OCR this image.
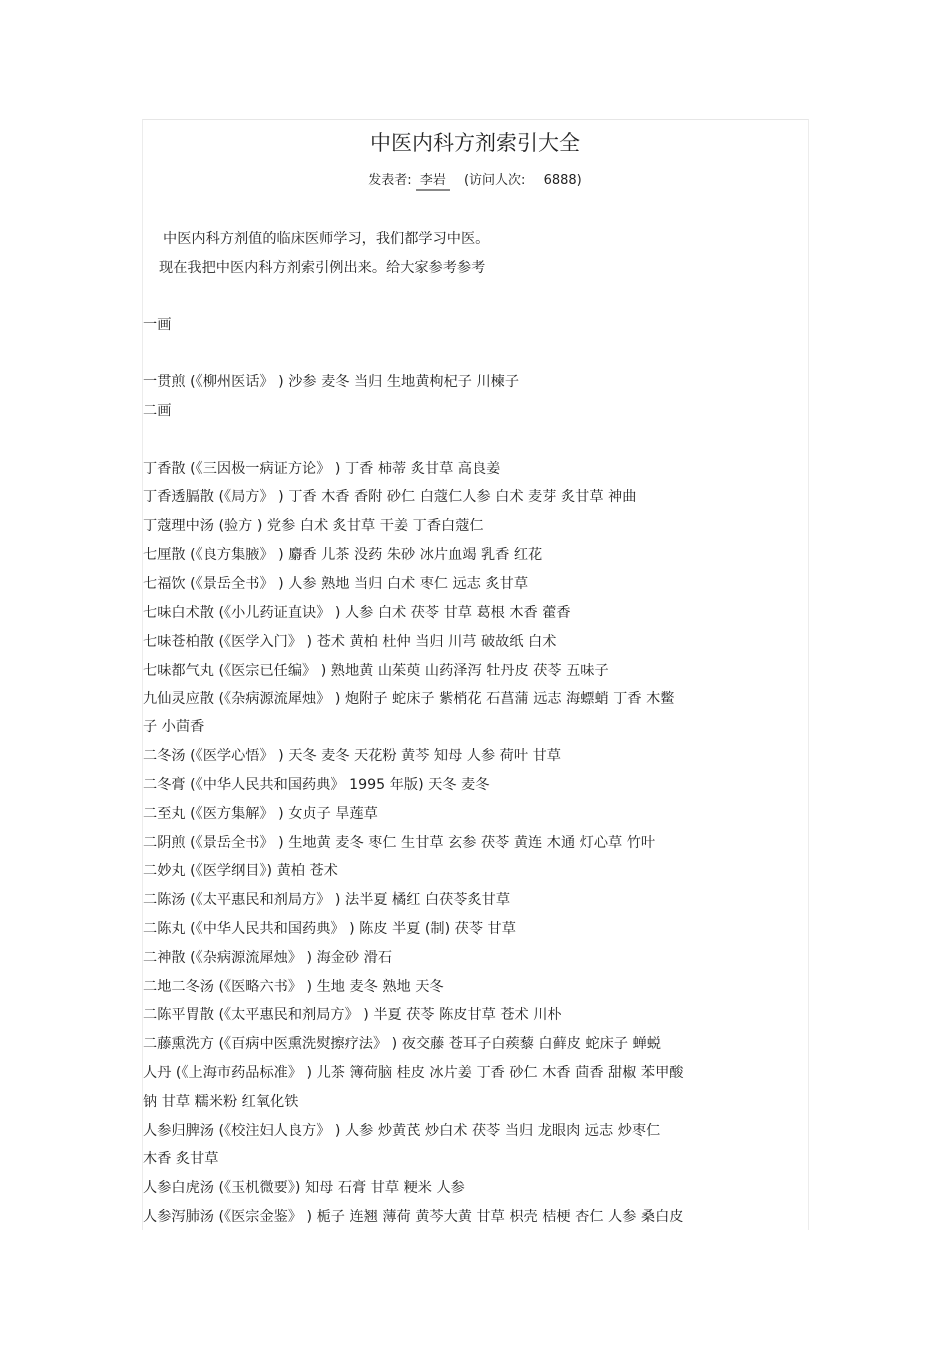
中医内科方剂索引大全
发表者: 李岩 (访问人次: 6888)
中医内科方剂值的临床医师学习，我们都学习中医。
现在我把中医内科方剂索引例出来。给大家参考参考
一画
一贯煎 (《柳州医话》 ) 沙参 麦冬 当归 生地黄枸杞子 川楝子
二画
丁香散 (《三因极一病证方论》 ) 丁香 柿蒂 炙甘草 高良姜
丁香透膈散 (《局方》 ) 丁香 木香 香附 砂仁 白蔻仁人参 白术 麦芽 炙甘草 神曲
丁蔻理中汤 (验方 ) 党参 白术 炙甘草 干姜 丁香白蔻仁
七厘散 (《良方集腋》 ) 麝香 儿茶 没药 朱砂 冰片血竭 乳香 红花
七福饮 (《景岳全书》 ) 人参 熟地 当归 白术 枣仁 远志 炙甘草
七味白术散 (《小儿药证直诀》 ) 人参 白术 茯苓 甘草 葛根 木香 藿香
七味苍柏散 (《医学入门》 ) 苍术 黄柏 杜仲 当归 川芎 破故纸 白术
七味都气丸 (《医宗已任编》 ) 熟地黄 山茱萸 山药泽泻 牡丹皮 茯苓 五味子
九仙灵应散 (《杂病源流犀烛》 ) 炮附子 蛇床子 紫梢花 石菖蒲 远志 海螵蛸 丁香 木鳖
子 小茴香
二冬汤 (《医学心悟》 ) 天冬 麦冬 天花粉 黄芩 知母 人参 荷叶 甘草
二冬膏 (《中华人民共和国药典》 1995 年版) 天冬 麦冬
二至丸 (《医方集解》 ) 女贞子 旱莲草
二阴煎 (《景岳全书》 ) 生地黄 麦冬 枣仁 生甘草 玄参 茯苓 黄连 木通 灯心草 竹叶
二妙丸 (《医学纲目》) 黄柏 苍术
二陈汤 (《太平惠民和剂局方》 ) 法半夏 橘红 白茯苓炙甘草
二陈丸 (《中华人民共和国药典》 ) 陈皮 半夏 (制) 茯苓 甘草
二神散 (《杂病源流犀烛》 ) 海金砂 滑石
二地二冬汤 (《医略六书》 ) 生地 麦冬 熟地 天冬
二陈平胃散 (《太平惠民和剂局方》 ) 半夏 茯苓 陈皮甘草 苍术 川朴
二藤熏洗方 (《百病中医熏洗熨擦疗法》 ) 夜交藤 苍耳子白蒺藜 白藓皮 蛇床子 蝉蜕
人丹 (《上海市药品标准》 ) 儿茶 簿荷脑 桂皮 冰片姜 丁香 砂仁 木香 茴香 甜椒 苯甲酸
钠 甘草 糯米粉 红氧化铁
人参归脾汤 (《校注妇人良方》 ) 人参 炒黄芪 炒白术 茯苓 当归 龙眼肉 远志 炒枣仁
木香 炙甘草
人参白虎汤 (《玉机微要》) 知母 石膏 甘草 粳米 人参
人参泻肺汤 (《医宗金鉴》 ) 栀子 连翘 薄荷 黄芩大黄 甘草 枳壳 桔梗 杏仁 人参 桑白皮
